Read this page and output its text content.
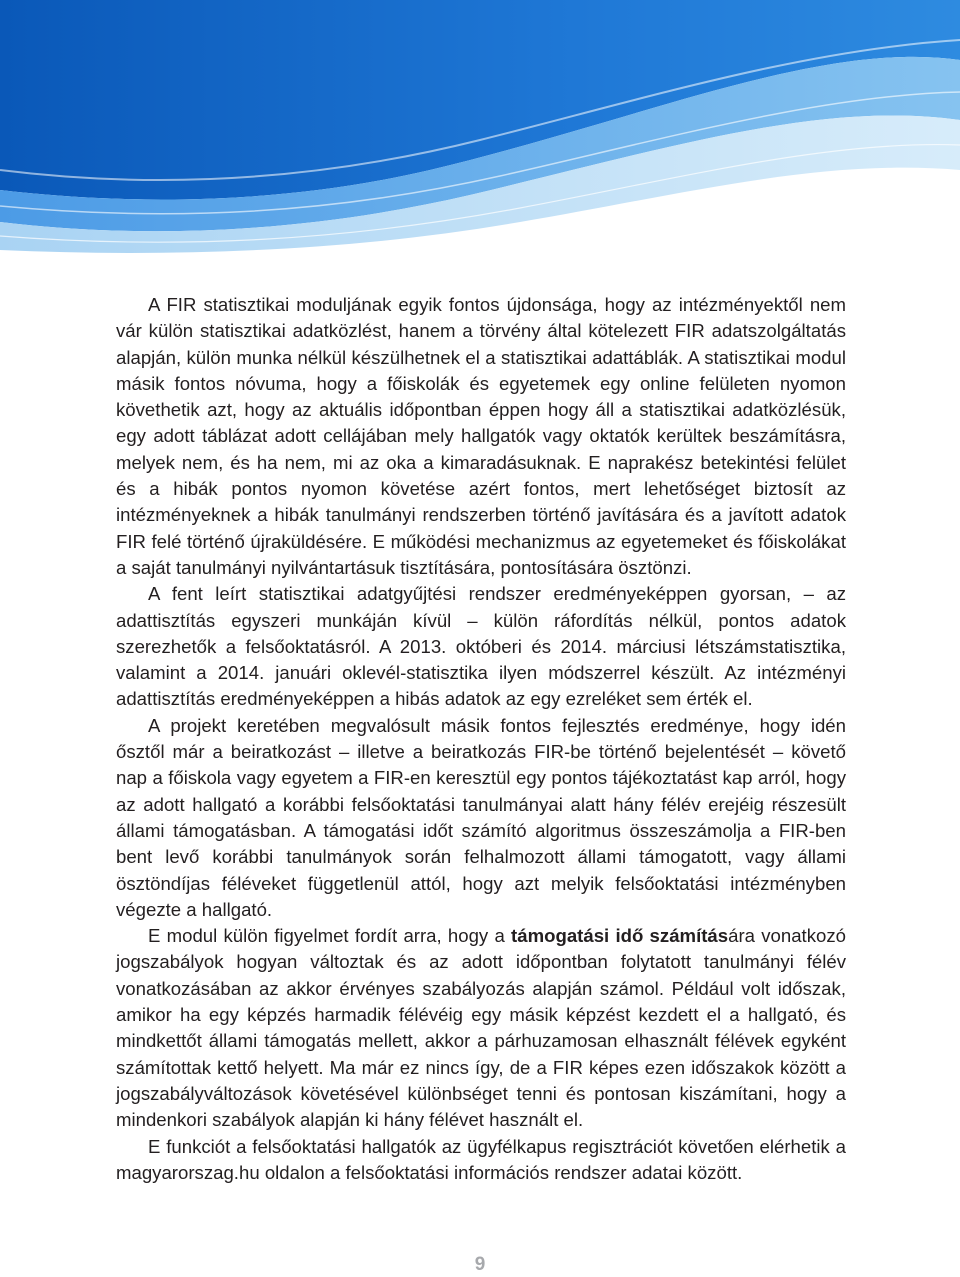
A FIR statisztikai moduljának egyik fontos újdonsága, hogy az intézményektől nem vár külön statisztikai adatközlést, hanem a törvény által kötelezett FIR adatszolgáltatás alapján, külön munka nélkül készülhetnek el a statisztikai adattáblák. A statisztikai modul másik fontos nóvuma, hogy a főiskolák és egyetemek egy online felületen nyomon követhetik azt, hogy az aktuális időpontban éppen hogy áll a statisztikai adatközlésük, egy adott táblázat adott cellájában mely hallgatók vagy oktatók kerültek beszámításra, melyek nem, és ha nem, mi az oka a kimaradásuknak. E naprakész betekintési felület és a hibák pontos nyomon követése azért fontos, mert lehetőséget biztosít az intézményeknek a hibák tanulmányi rendszerben történő javítására és a javított adatok FIR felé történő újraküldésére. E működési mechanizmus az egyetemeket és főiskolákat a saját tanulmányi nyilvántartásuk tisztítására, pontosítására ösztönzi.

A fent leírt statisztikai adatgyűjtési rendszer eredményeképpen gyorsan, – az adattisztítás egyszeri munkáján kívül – külön ráfordítás nélkül, pontos adatok szerezhetők a felsőoktatásról. A 2013. októberi és 2014. márciusi létszámstatisztika, valamint a 2014. januári oklevél-statisztika ilyen módszerrel készült. Az intézményi adattisztítás eredményeképpen a hibás adatok az egy ezreléket sem érték el.

A projekt keretében megvalósult másik fontos fejlesztés eredménye, hogy idén ősztől már a beiratkozást – illetve a beiratkozás FIR-be történő bejelentését – követő nap a főiskola vagy egyetem a FIR-en keresztül egy pontos tájékoztatást kap arról, hogy az adott hallgató a korábbi felsőoktatási tanulmányai alatt hány félév erejéig részesült állami támogatásban. A támogatási időt számító algoritmus összeszámolja a FIR-ben bent levő korábbi tanulmányok során felhalmozott állami támogatott, vagy állami ösztöndíjas féléveket függetlenül attól, hogy azt melyik felsőoktatási intézményben végezte a hallgató.

E modul külön figyelmet fordít arra, hogy a támogatási idő számítására vonatkozó jogszabályok hogyan változtak és az adott időpontban folytatott tanulmányi félév vonatkozásában az akkor érvényes szabályozás alapján számol. Például volt időszak, amikor ha egy képzés harmadik félévéig egy másik képzést kezdett el a hallgató, és mindkettőt állami támogatás mellett, akkor a párhuzamosan elhasznált félévek egyként számítottak kettő helyett. Ma már ez nincs így, de a FIR képes ezen időszakok között a jogszabályváltozások követésével különbséget tenni és pontosan kiszámítani, hogy a mindenkori szabályok alapján ki hány félévet használt el.

E funkciót a felsőoktatási hallgatók az ügyfélkapus regisztrációt követően elérhetik a magyarorszag.hu oldalon a felsőoktatási információs rendszer adatai között.

9
